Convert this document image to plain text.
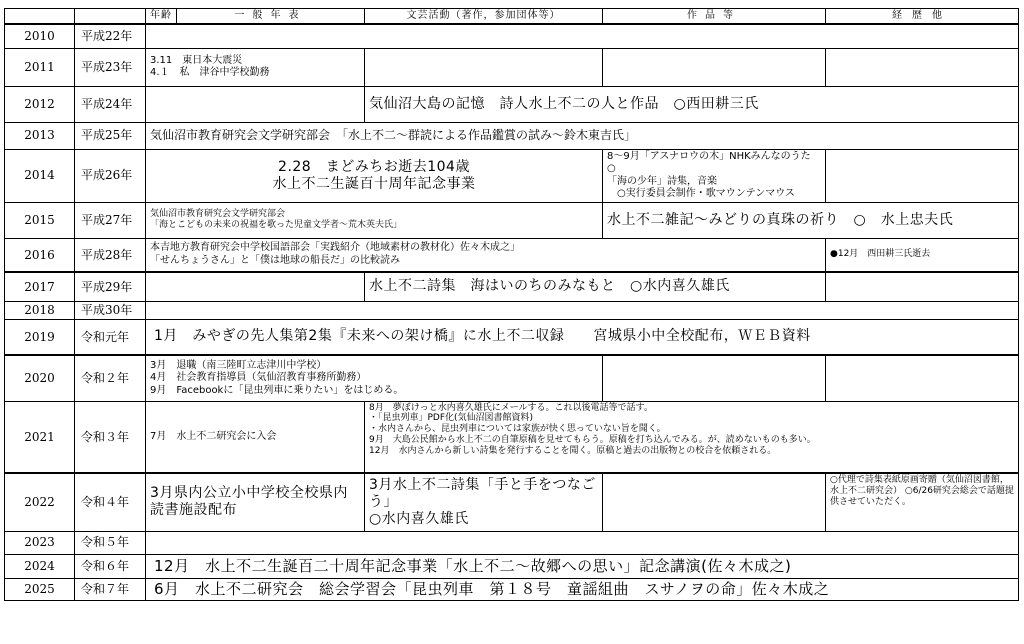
		年齢	一般年表	文芸活動（著作，参加団体等）	作品等	経歴他
2010	平成22年					
2011	平成23年	3.11　東日本大震災
4.１　私　津谷中学校勤務				
2012	平成24年			気仙沼大島の記憶　詩人水上不二の人と作品　○西田耕三氏		
2013	平成25年	気仙沼市教育研究会文学研究部会　「水上不二～群読による作品鑑賞の試み～鈴木東吉氏」				
2014	平成26年	2.28　まどみちお逝去104歳
水上不二生誕百十周年記念事業			8～9月「アスナロウの木」NHKみんなのうた　○
「海の少年」詩集，音楽
　○実行委員会制作・歌マウンテンマウス	
2015	平成27年	気仙沼市教育研究会文学研究部会
「海とこどもの未来の祝福を歌った児童文学者～荒木英夫氏」			水上不二雑記～みどりの真珠の祈り　○　水上忠夫氏	
2016	平成28年	本吉地方教育研究会中学校国語部会「実践紹介（地域素材の教材化）佐々木成之」
「せんちょうさん」と「僕は地球の船長だ」の比較読み				●12月　西田耕三氏逝去
2017	平成29年			水上不二詩集　海はいのちのみなもと　○水内喜久雄氏		
2018	平成30年					
2019	令和元年	1月　みやぎの先人集第2集『未来への架け橋』に水上不二収録　　宮城県小中全校配布，ＷＥＢ資料				
2020	令和２年	3月　退職（南三陸町立志津川中学校）
4月　社会教育指導員（気仙沼教育事務所勤務）
9月　Facebookに「昆虫列車に乗りたい」をはじめる。				
2021	令和３年	7月　水上不二研究会に入会		8月　夢ぼけっと水内喜久雄氏にメールする。これ以後電話等で話す。
・「昆虫列車」PDF化(気仙沼図書館資料)
・水内さんから、昆虫列車については家族が快く思っていない旨を聞く。
9月　大島公民館から水上不二の自筆原稿を見せてもらう。原稿を打ち込んでみる。が、読めないものも多い。
12月　水内さんから新しい詩集を発行することを聞く。原稿と過去の出版物との校合を依頼される。		
2022	令和４年	3月県内公立小中学校全校県内読書施設配布		3月水上不二詩集「手と手をつなごう」
○水内喜久雄氏		○代理で詩集表紙原画寄贈（気仙沼図書館，水上不二研究会） ○6/26研究会総会で話題提供させていただく。
2023	令和５年					
2024	令和６年	12月　水上不二生誕百二十周年記念事業「水上不二～故郷への思い」記念講演(佐々木成之)				
2025	令和７年	6月　水上不二研究会　総会学習会「昆虫列車　第１８号　童謡組曲　スサノヲの命」佐々木成之				
